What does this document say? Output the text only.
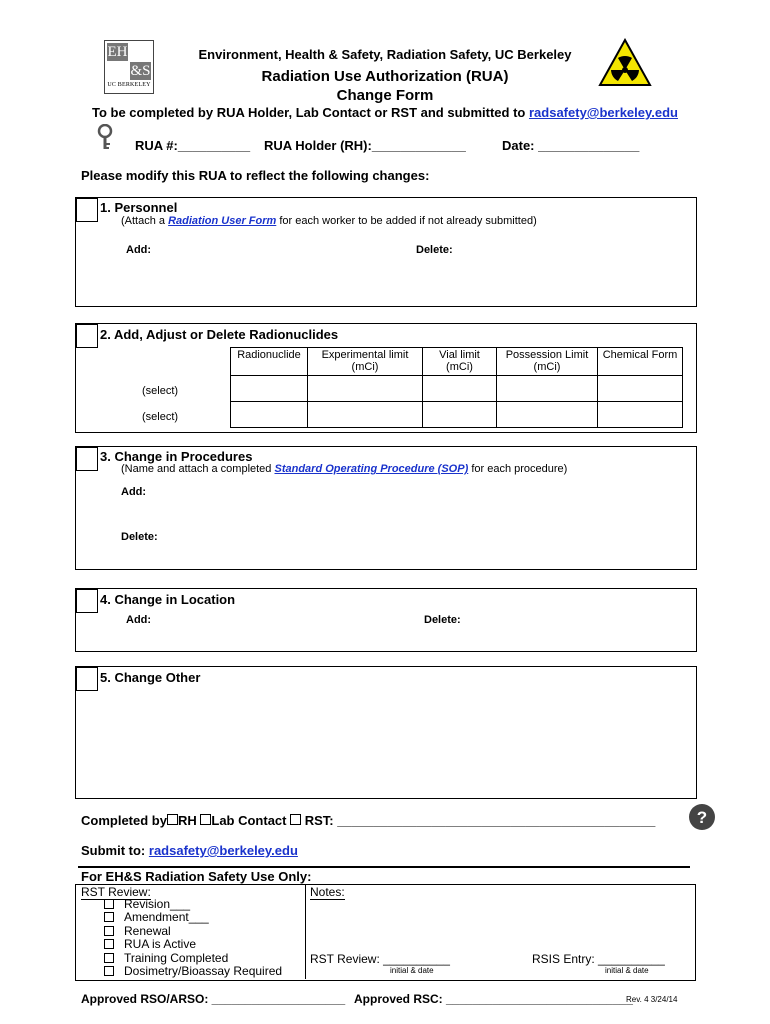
EH
&S
UC BERKELEY
Environment, Health & Safety, Radiation Safety, UC Berkeley
Radiation Use Authorization (RUA)
Change Form
To be completed by RUA Holder, Lab Contact or RST and submitted to radsafety@berkeley.edu
RUA #:__________ RUA Holder (RH):_____________	Date: ______________
Please modify this RUA to reflect the following changes:
1. Personnel
(Attach a Radiation User Form for each worker to be added if not already submitted)
Add:	Delete:
2. Add, Adjust or Delete Radionuclides
Radionuclide	Experimental limit (mCi)	Vial limit (mCi)	Possession Limit (mCi)	Chemical Form

(select)
(select)
3. Change in Procedures
(Name and attach a completed Standard Operating Procedure (SOP) for each procedure)
Add:
Delete:
4. Change in Location
Add:	Delete:
5. Change Other
Completed by RH Lab Contact RST: ____________________________________________ ?
Submit to: radsafety@berkeley.edu
For EH&S Radiation Safety Use Only:
RST Review:
Revision___
Amendment___
Renewal
RUA is Active
Training Completed
Dosimetry/Bioassay Required
Notes:
RST Review: __________
initial & date
RSIS Entry: __________
initial & date
Approved RSO/ARSO: ____________________ Approved RSC: ____________________________
Rev. 4 3/24/14
